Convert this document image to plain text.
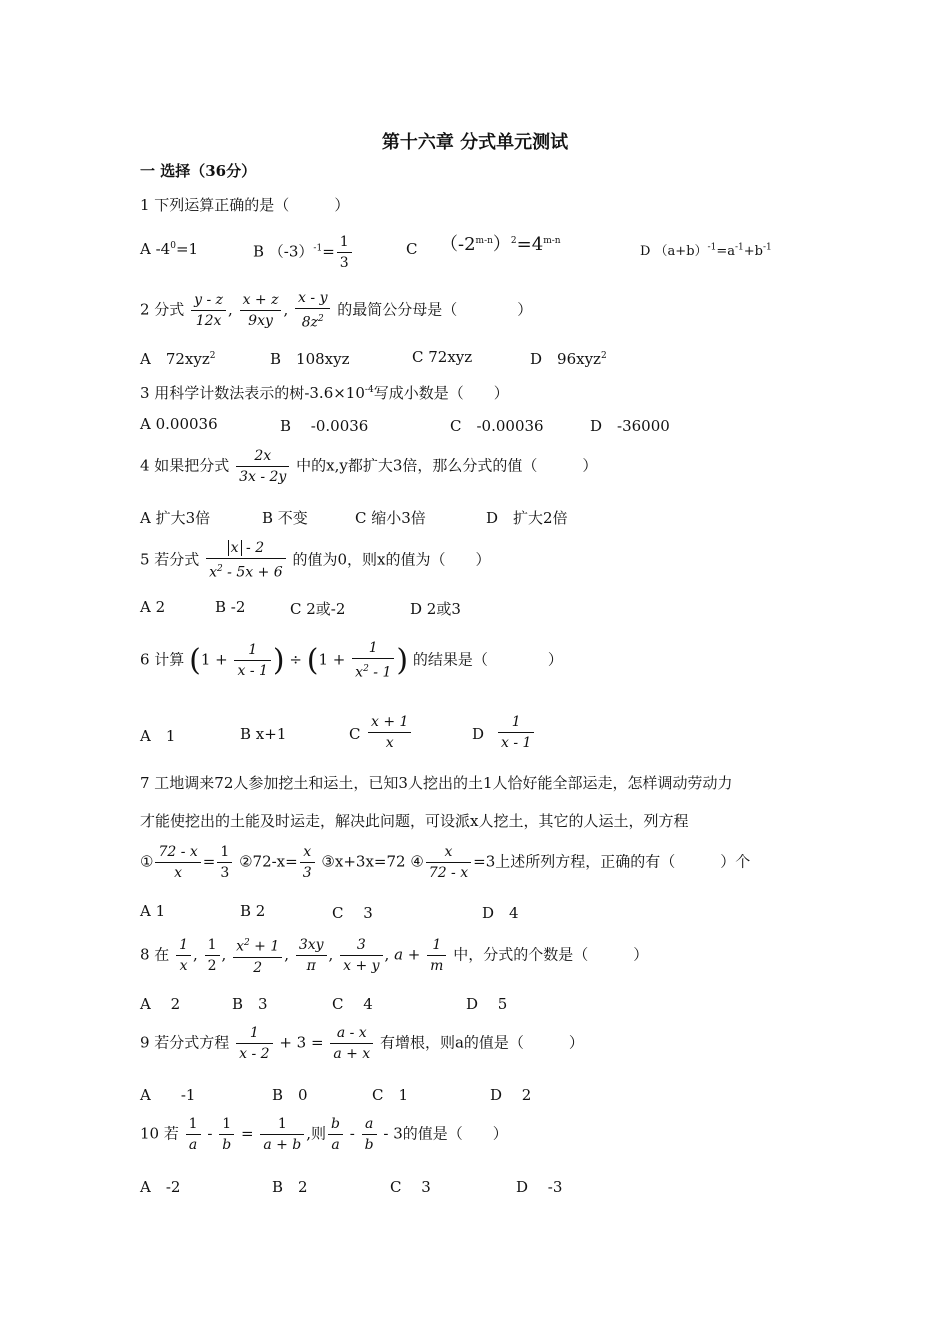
第十六章 分式单元测试
一 选择（36分）
1 下列运算正确的是（　　　）
A $-4^0=1$	B $(-3)^{-1}= \frac{1}{3}$	C $(-2^{m-n})^2=4^{m-n}$
D $(a+b)^{-1}=a^{-1}+b^{-1}$
2 分式 $\frac{y - z}{12x}$ , $\frac{x + z}{9xy}$ , $\frac{x - y}{8z^2}$ 的最简公分母是（　　　　）
A　72xyz$^2$	B　108xyz	C 72xyz	D　96xyz$^2$
3 用科学计数法表示的树$-3.6\times 10^{-4}$写成小数是（　　）
A 0.00036	B　 -0.0036	C　-0.00036	D　-36000
4 如果把分式 $\frac{2x}{3x - 2y}$ 中的x,y都扩大3倍，那么分式的值（　　　）
A 扩大3倍	B 不变	C 缩小3倍	D　扩大2倍
5 若分式 $\frac{x - 2}{x^2 - 5x + 6}$ 的值为0，则x的值为（　　）
A 2	B -2	C 2或-2	D 2或3
6 计算 ($1 + \frac{1}{x - 1}$ ) ÷ ($1 + \frac{1}{x^2 - 1}$ ) 的结果是（　　　　）
A　1	B x+1	C $\frac{x + 1}{x}$	D $\frac{1}{x - 1}$
7 工地调来72人参加挖土和运土，已知3人挖出的土1人恰好能全部运走，怎样调动劳动力
才能使挖出的土能及时运走，解决此问题，可设派x人挖土，其它的人运土，列方程
① $\frac{72 - x}{x} = \frac{1}{3}$ ②72-x= $\frac{x}{3}$ ③x+3x=72 ④ $\frac{x}{72 - x} =3$上述所列方程，正确的有（　　　）个
A 1	B 2	C　 3	D　4
8 在 $\frac{1}{x}$ , $\frac{1}{2}$ , $\frac{x^2 + 1}{2}$ , $\frac{3xy}{\pi}$ , $\frac{3}{x + y}$ , $a + \frac{1}{m}$ 中，分式的个数是（　　　）
A　 2	B　3	C　 4	D　 5
9 若分式方程 $\frac{1}{x - 2} + 3 = \frac{a - x}{a + x}$ 有增根，则a的值是（　　　）
A　　-1	B　0	C　1	D　 2
10 若 $\frac{1}{a} - \frac{1}{b} = \frac{1}{a + b}$ ,则 $\frac{b}{a} - \frac{a}{b} - 3$的值是（　　）
A　-2	B　2	C　 3	D　 -3
